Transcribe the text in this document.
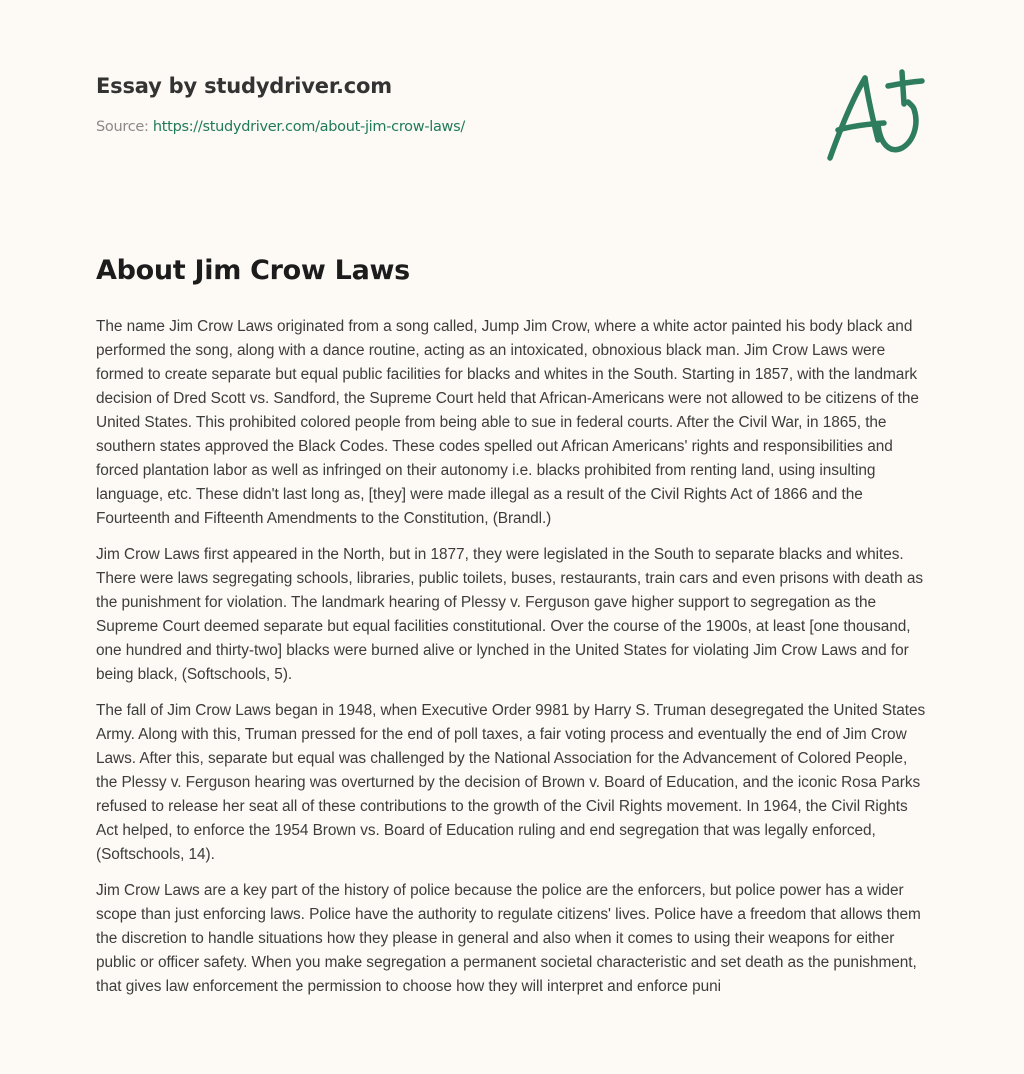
Essay by studydriver.com
Source: https://studydriver.com/about-jim-crow-laws/
About Jim Crow Laws

The name Jim Crow Laws originated from a song called, Jump Jim Crow, where a white actor painted his body black and performed the song, along with a dance routine, acting as an intoxicated, obnoxious black man. Jim Crow Laws were formed to create separate but equal public facilities for blacks and whites in the South. Starting in 1857, with the landmark decision of Dred Scott vs. Sandford, the Supreme Court held that African-Americans were not allowed to be citizens of the United States. This prohibited colored people from being able to sue in federal courts. After the Civil War, in 1865, the southern states approved the Black Codes. These codes spelled out African Americans' rights and responsibilities and forced plantation labor as well as infringed on their autonomy i.e. blacks prohibited from renting land, using insulting language, etc. These didn't last long as, [they] were made illegal as a result of the Civil Rights Act of 1866 and the Fourteenth and Fifteenth Amendments to the Constitution, (Brandl.)

Jim Crow Laws first appeared in the North, but in 1877, they were legislated in the South to separate blacks and whites. There were laws segregating schools, libraries, public toilets, buses, restaurants, train cars and even prisons with death as the punishment for violation. The landmark hearing of Plessy v. Ferguson gave higher support to segregation as the Supreme Court deemed separate but equal facilities constitutional. Over the course of the 1900s, at least [one thousand, one hundred and thirty-two] blacks were burned alive or lynched in the United States for violating Jim Crow Laws and for being black, (Softschools, 5).

The fall of Jim Crow Laws began in 1948, when Executive Order 9981 by Harry S. Truman desegregated the United States Army. Along with this, Truman pressed for the end of poll taxes, a fair voting process and eventually the end of Jim Crow Laws. After this, separate but equal was challenged by the National Association for the Advancement of Colored People, the Plessy v. Ferguson hearing was overturned by the decision of Brown v. Board of Education, and the iconic Rosa Parks refused to release her seat all of these contributions to the growth of the Civil Rights movement. In 1964, the Civil Rights Act helped, to enforce the 1954 Brown vs. Board of Education ruling and end segregation that was legally enforced, (Softschools, 14).

Jim Crow Laws are a key part of the history of police because the police are the enforcers, but police power has a wider scope than just enforcing laws. Police have the authority to regulate citizens' lives. Police have a freedom that allows them the discretion to handle situations how they please in general and also when it comes to using their weapons for either public or officer safety. When you make segregation a permanent societal characteristic and set death as the punishment, that gives law enforcement the permission to choose how they will interpret and enforce puni
